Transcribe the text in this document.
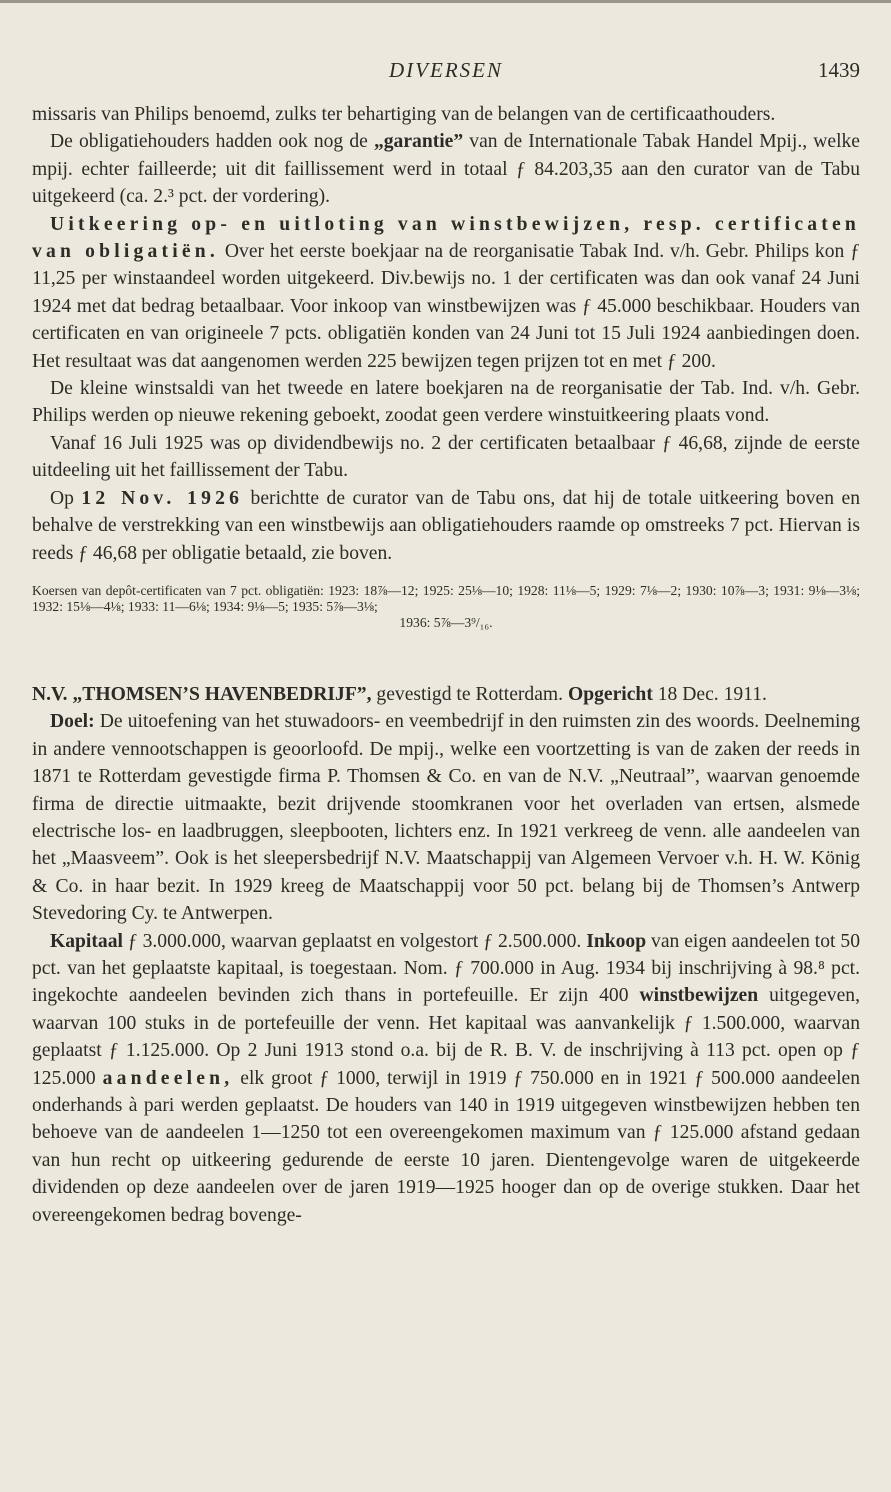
DIVERSEN	1439

missaris van Philips benoemd, zulks ter behartiging van de belangen van de certificaathouders.

De obligatiehouders hadden ook nog de „garantie” van de Internationale Tabak Handel Mpij., welke mpij. echter failleerde; uit dit faillissement werd in totaal ƒ 84.203,35 aan den curator van de Tabu uitgekeerd (ca. 2.³ pct. der vordering).

Uitkeering op- en uitloting van winstbewijzen, resp. certificaten van obligatiën. Over het eerste boekjaar na de reorganisatie Tabak Ind. v/h. Gebr. Philips kon ƒ 11,25 per winstaandeel worden uitgekeerd. Div.bewijs no. 1 der certificaten was dan ook vanaf 24 Juni 1924 met dat bedrag betaalbaar. Voor inkoop van winstbewijzen was ƒ 45.000 beschikbaar. Houders van certificaten en van origineele 7 pcts. obligatiën konden van 24 Juni tot 15 Juli 1924 aanbiedingen doen. Het resultaat was dat aangenomen werden 225 bewijzen tegen prijzen tot en met ƒ 200.

De kleine winstsaldi van het tweede en latere boekjaren na de reorganisatie der Tab. Ind. v/h. Gebr. Philips werden op nieuwe rekening geboekt, zoodat geen verdere winstuitkeering plaats vond.

Vanaf 16 Juli 1925 was op dividendbewijs no. 2 der certificaten betaalbaar ƒ 46,68, zijnde de eerste uitdeeling uit het faillissement der Tabu.

Op 12 Nov. 1926 berichtte de curator van de Tabu ons, dat hij de totale uitkeering boven en behalve de verstrekking van een winstbewijs aan obligatiehouders raamde op omstreeks 7 pct. Hiervan is reeds ƒ 46,68 per obligatie betaald, zie boven.

Koersen van depôt-certificaten van 7 pct. obligatiën: 1923: 18⅞—12; 1925: 25⅛—10; 1928: 11⅛—5; 1929: 7⅛—2; 1930: 10⅞—3; 1931: 9⅛—3⅛; 1932: 15⅛—4⅛; 1933: 11—6⅛; 1934: 9⅛—5; 1935: 5⅞—3⅛;
1936: 5⅞—3⁹/₁₆.

N.V. „THOMSEN’S HAVENBEDRIJF”, gevestigd te Rotterdam. Opgericht 18 Dec. 1911.

Doel: De uitoefening van het stuwadoors- en veembedrijf in den ruimsten zin des woords. Deelneming in andere vennootschappen is geoorloofd. De mpij., welke een voortzetting is van de zaken der reeds in 1871 te Rotterdam gevestigde firma P. Thomsen & Co. en van de N.V. „Neutraal”, waarvan genoemde firma de directie uitmaakte, bezit drijvende stoomkranen voor het overladen van ertsen, alsmede electrische los- en laadbruggen, sleepbooten, lichters enz. In 1921 verkreeg de venn. alle aandeelen van het „Maasveem”. Ook is het sleepersbedrijf N.V. Maatschappij van Algemeen Vervoer v.h. H. W. König & Co. in haar bezit. In 1929 kreeg de Maatschappij voor 50 pct. belang bij de Thomsen’s Antwerp Stevedoring Cy. te Antwerpen.

Kapitaal ƒ 3.000.000, waarvan geplaatst en volgestort ƒ 2.500.000. Inkoop van eigen aandeelen tot 50 pct. van het geplaatste kapitaal, is toegestaan. Nom. ƒ 700.000 in Aug. 1934 bij inschrijving à 98.⁸ pct. ingekochte aandeelen bevinden zich thans in portefeuille. Er zijn 400 winstbewijzen uitgegeven, waarvan 100 stuks in de portefeuille der venn. Het kapitaal was aanvankelijk ƒ 1.500.000, waarvan geplaatst ƒ 1.125.000. Op 2 Juni 1913 stond o.a. bij de R. B. V. de inschrijving à 113 pct. open op ƒ 125.000 aandeelen, elk groot ƒ 1000, terwijl in 1919 ƒ 750.000 en in 1921 ƒ 500.000 aandeelen onderhands à pari werden geplaatst. De houders van 140 in 1919 uitgegeven winstbewijzen hebben ten behoeve van de aandeelen 1—1250 tot een overeengekomen maximum van ƒ 125.000 afstand gedaan van hun recht op uitkeering gedurende de eerste 10 jaren. Dientengevolge waren de uitgekeerde dividenden op deze aandeelen over de jaren 1919—1925 hooger dan op de overige stukken. Daar het overeengekomen bedrag bovenge-
